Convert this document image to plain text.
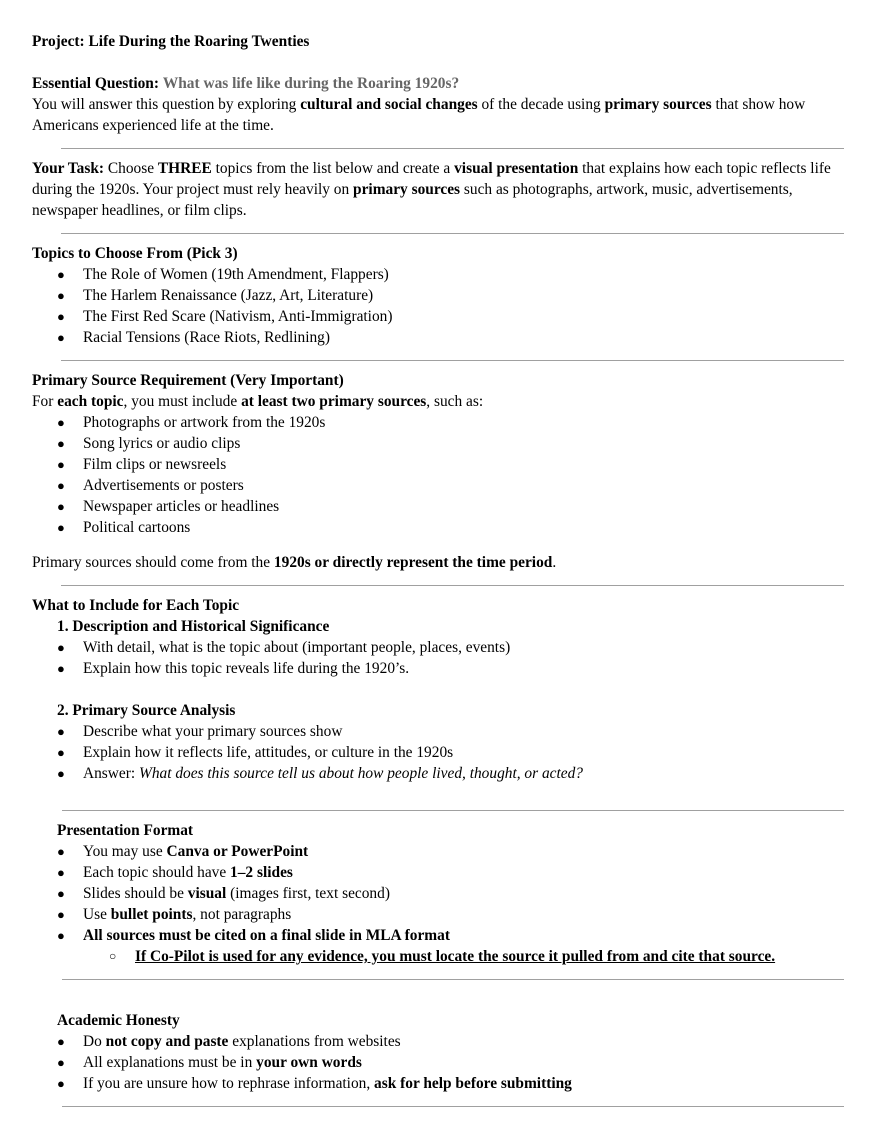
Project: Life During the Roaring Twenties

Essential Question: What was life like during the Roaring 1920s?

You will answer this question by exploring cultural and social changes of the decade using primary sources that show how Americans experienced life at the time.

Your Task: Choose THREE topics from the list below and create a visual presentation that explains how each topic reflects life during the 1920s. Your project must rely heavily on primary sources such as photographs, artwork, music, advertisements, newspaper headlines, or film clips.

Topics to Choose From (Pick 3)

● The Role of Women (19th Amendment, Flappers)
● The Harlem Renaissance (Jazz, Art, Literature)
● The First Red Scare (Nativism, Anti-Immigration)
● Racial Tensions (Race Riots, Redlining)

Primary Source Requirement (Very Important)

For each topic, you must include at least two primary sources, such as:

● Photographs or artwork from the 1920s
● Song lyrics or audio clips
● Film clips or newsreels
● Advertisements or posters
● Newspaper articles or headlines
● Political cartoons

Primary sources should come from the 1920s or directly represent the time period.

What to Include for Each Topic

1. Description and Historical Significance

● With detail, what is the topic about (important people, places, events)
● Explain how this topic reveals life during the 1920’s.

2. Primary Source Analysis

● Describe what your primary sources show
● Explain how it reflects life, attitudes, or culture in the 1920s
● Answer: What does this source tell us about how people lived, thought, or acted?

Presentation Format

● You may use Canva or PowerPoint
● Each topic should have 1–2 slides
● Slides should be visual (images first, text second)
● Use bullet points, not paragraphs
● All sources must be cited on a final slide in MLA format
○ If Co-Pilot is used for any evidence, you must locate the source it pulled from and cite that source.

Academic Honesty

● Do not copy and paste explanations from websites
● All explanations must be in your own words
● If you are unsure how to rephrase information, ask for help before submitting
